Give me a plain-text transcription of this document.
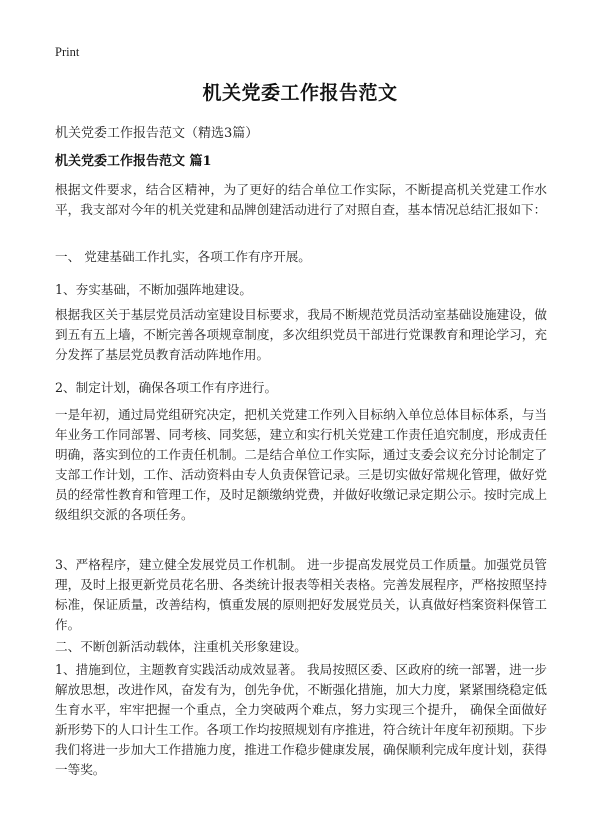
Print
机关党委工作报告范文
机关党委工作报告范文（精选3篇）
机关党委工作报告范文 篇1

根据文件要求，结合区精神，为了更好的结合单位工作实际，不断提高机关党建工作水平，我支部对今年的机关党建和品牌创建活动进行了对照自查，基本情况总结汇报如下：

一、 党建基础工作扎实，各项工作有序开展。

1、夯实基础，不断加强阵地建设。

根据我区关于基层党员活动室建设目标要求，我局不断规范党员活动室基础设施建设，做到五有五上墙，不断完善各项规章制度，多次组织党员干部进行党课教育和理论学习，充分发挥了基层党员教育活动阵地作用。

2、制定计划，确保各项工作有序进行。

一是年初，通过局党组研究决定，把机关党建工作列入目标纳入单位总体目标体系，与当年业务工作同部署、同考核、同奖惩，建立和实行机关党建工作责任追究制度，形成责任明确，落实到位的工作责任机制。二是结合单位工作实际，通过支委会议充分讨论制定了支部工作计划，工作、活动资料由专人负责保管记录。三是切实做好常规化管理，做好党员的经常性教育和管理工作，及时足额缴纳党费，并做好收缴记录定期公示。按时完成上级组织交派的各项任务。

3、严格程序，建立健全发展党员工作机制。 进一步提高发展党员工作质量。加强党员管理，及时上报更新党员花名册、各类统计报表等相关表格。完善发展程序，严格按照坚持标准，保证质量，改善结构，慎重发展的原则把好发展党员关，认真做好档案资料保管工作。

二、不断创新活动载体，注重机关形象建设。

1、措施到位，主题教育实践活动成效显著。 我局按照区委、区政府的统一部署，进一步解放思想，改进作风，奋发有为，创先争优，不断强化措施，加大力度，紧紧围绕稳定低生育水平，牢牢把握一个重点，全力突破两个难点，努力实现三个提升， 确保全面做好新形势下的人口计生工作。各项工作均按照规划有序推进，符合统计年度年初预期。下步我们将进一步加大工作措施力度，推进工作稳步健康发展，确保顺利完成年度计划，获得一等奖。
